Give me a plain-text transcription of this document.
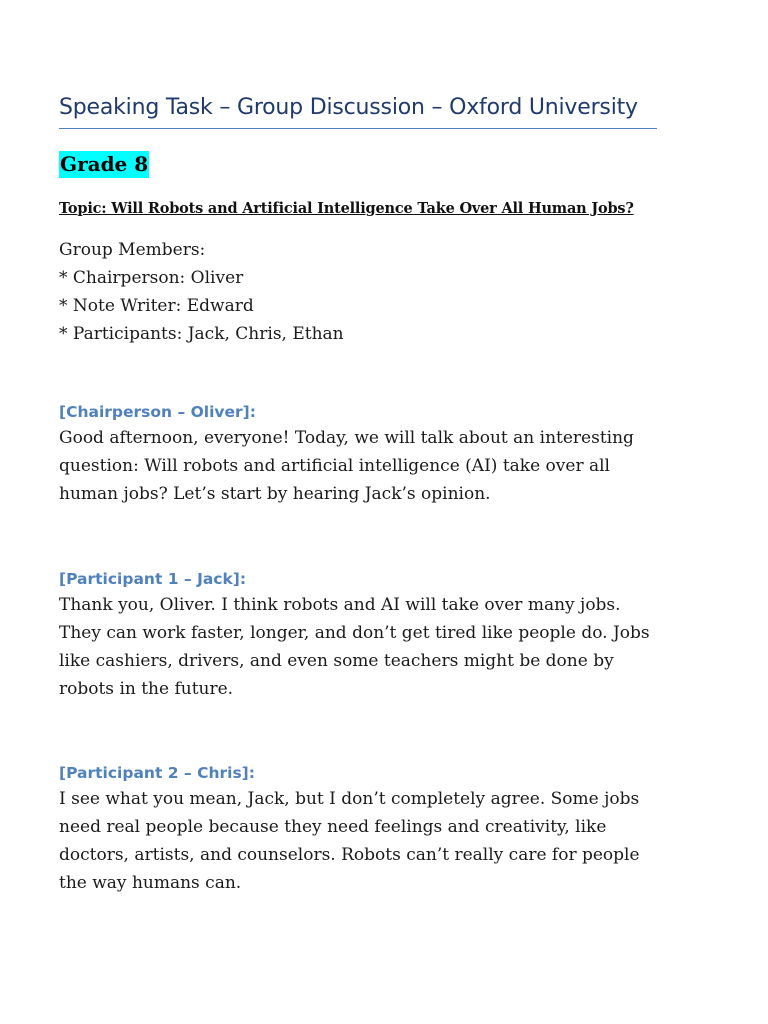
Speaking Task – Group Discussion – Oxford University
Grade 8
Topic: Will Robots and Artificial Intelligence Take Over All Human Jobs?
Group Members:
* Chairperson: Oliver
* Note Writer: Edward
* Participants: Jack, Chris, Ethan
[Chairperson – Oliver]:
Good afternoon, everyone! Today, we will talk about an interesting
question: Will robots and artificial intelligence (AI) take over all
human jobs? Let’s start by hearing Jack’s opinion.
[Participant 1 – Jack]:
Thank you, Oliver. I think robots and AI will take over many jobs.
They can work faster, longer, and don’t get tired like people do. Jobs
like cashiers, drivers, and even some teachers might be done by
robots in the future.
[Participant 2 – Chris]:
I see what you mean, Jack, but I don’t completely agree. Some jobs
need real people because they need feelings and creativity, like
doctors, artists, and counselors. Robots can’t really care for people
the way humans can.
